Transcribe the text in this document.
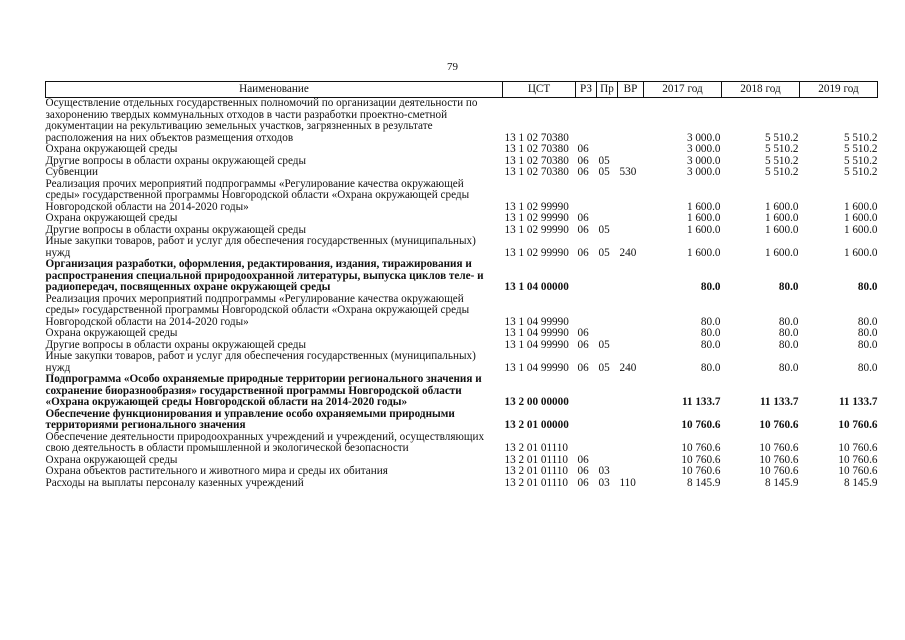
79
Наименование	ЦСТ	РЗ	Пр	ВР	2017 год	2018 год	2019 год
Осуществление отдельных государственных полномочий по организации деятельности по захоронению твердых коммунальных отходов в части разработки проектно-сметной документации на рекультивацию земельных участков, загрязненных в результате расположения на них объектов размещения отходов	13 1 02 70380				3 000.0	5 510.2	5 510.2
Охрана окружающей среды	13 1 02 70380	06			3 000.0	5 510.2	5 510.2
Другие вопросы в области охраны окружающей среды	13 1 02 70380	06	05		3 000.0	5 510.2	5 510.2
Субвенции	13 1 02 70380	06	05	530	3 000.0	5 510.2	5 510.2
Реализация прочих мероприятий подпрограммы «Регулирование качества окружающей среды» государственной программы Новгородской области «Охрана окружающей среды Новгородской области на 2014-2020 годы»	13 1 02 99990				1 600.0	1 600.0	1 600.0
Охрана окружающей среды	13 1 02 99990	06			1 600.0	1 600.0	1 600.0
Другие вопросы в области охраны окружающей среды	13 1 02 99990	06	05		1 600.0	1 600.0	1 600.0
Иные закупки товаров, работ и услуг для обеспечения государственных (муниципальных) нужд	13 1 02 99990	06	05	240	1 600.0	1 600.0	1 600.0
Организация разработки, оформления, редактирования, издания, тиражирования и распространения специальной природоохранной литературы, выпуска циклов теле- и радиопередач, посвященных охране окружающей среды	13 1 04 00000				80.0	80.0	80.0
Реализация прочих мероприятий подпрограммы «Регулирование качества окружающей среды» государственной программы Новгородской области «Охрана окружающей среды Новгородской области на 2014-2020 годы»	13 1 04 99990				80.0	80.0	80.0
Охрана окружающей среды	13 1 04 99990	06			80.0	80.0	80.0
Другие вопросы в области охраны окружающей среды	13 1 04 99990	06	05		80.0	80.0	80.0
Иные закупки товаров, работ и услуг для обеспечения государственных (муниципальных) нужд	13 1 04 99990	06	05	240	80.0	80.0	80.0
Подпрограмма «Особо охраняемые природные территории регионального значения и сохранение биоразнообразия» государственной программы Новгородской области «Охрана окружающей среды Новгородской области на 2014-2020 годы»	13 2 00 00000				11 133.7	11 133.7	11 133.7
Обеспечение функционирования и управление особо охраняемыми природными территориями регионального значения	13 2 01 00000				10 760.6	10 760.6	10 760.6
Обеспечение деятельности природоохранных учреждений и учреждений, осуществляющих свою деятельность в области промышленной и экологической безопасности	13 2 01 01110				10 760.6	10 760.6	10 760.6
Охрана окружающей среды	13 2 01 01110	06			10 760.6	10 760.6	10 760.6
Охрана объектов растительного и животного мира и среды их обитания	13 2 01 01110	06	03		10 760.6	10 760.6	10 760.6
Расходы на выплаты персоналу казенных учреждений	13 2 01 01110	06	03	110	8 145.9	8 145.9	8 145.9
